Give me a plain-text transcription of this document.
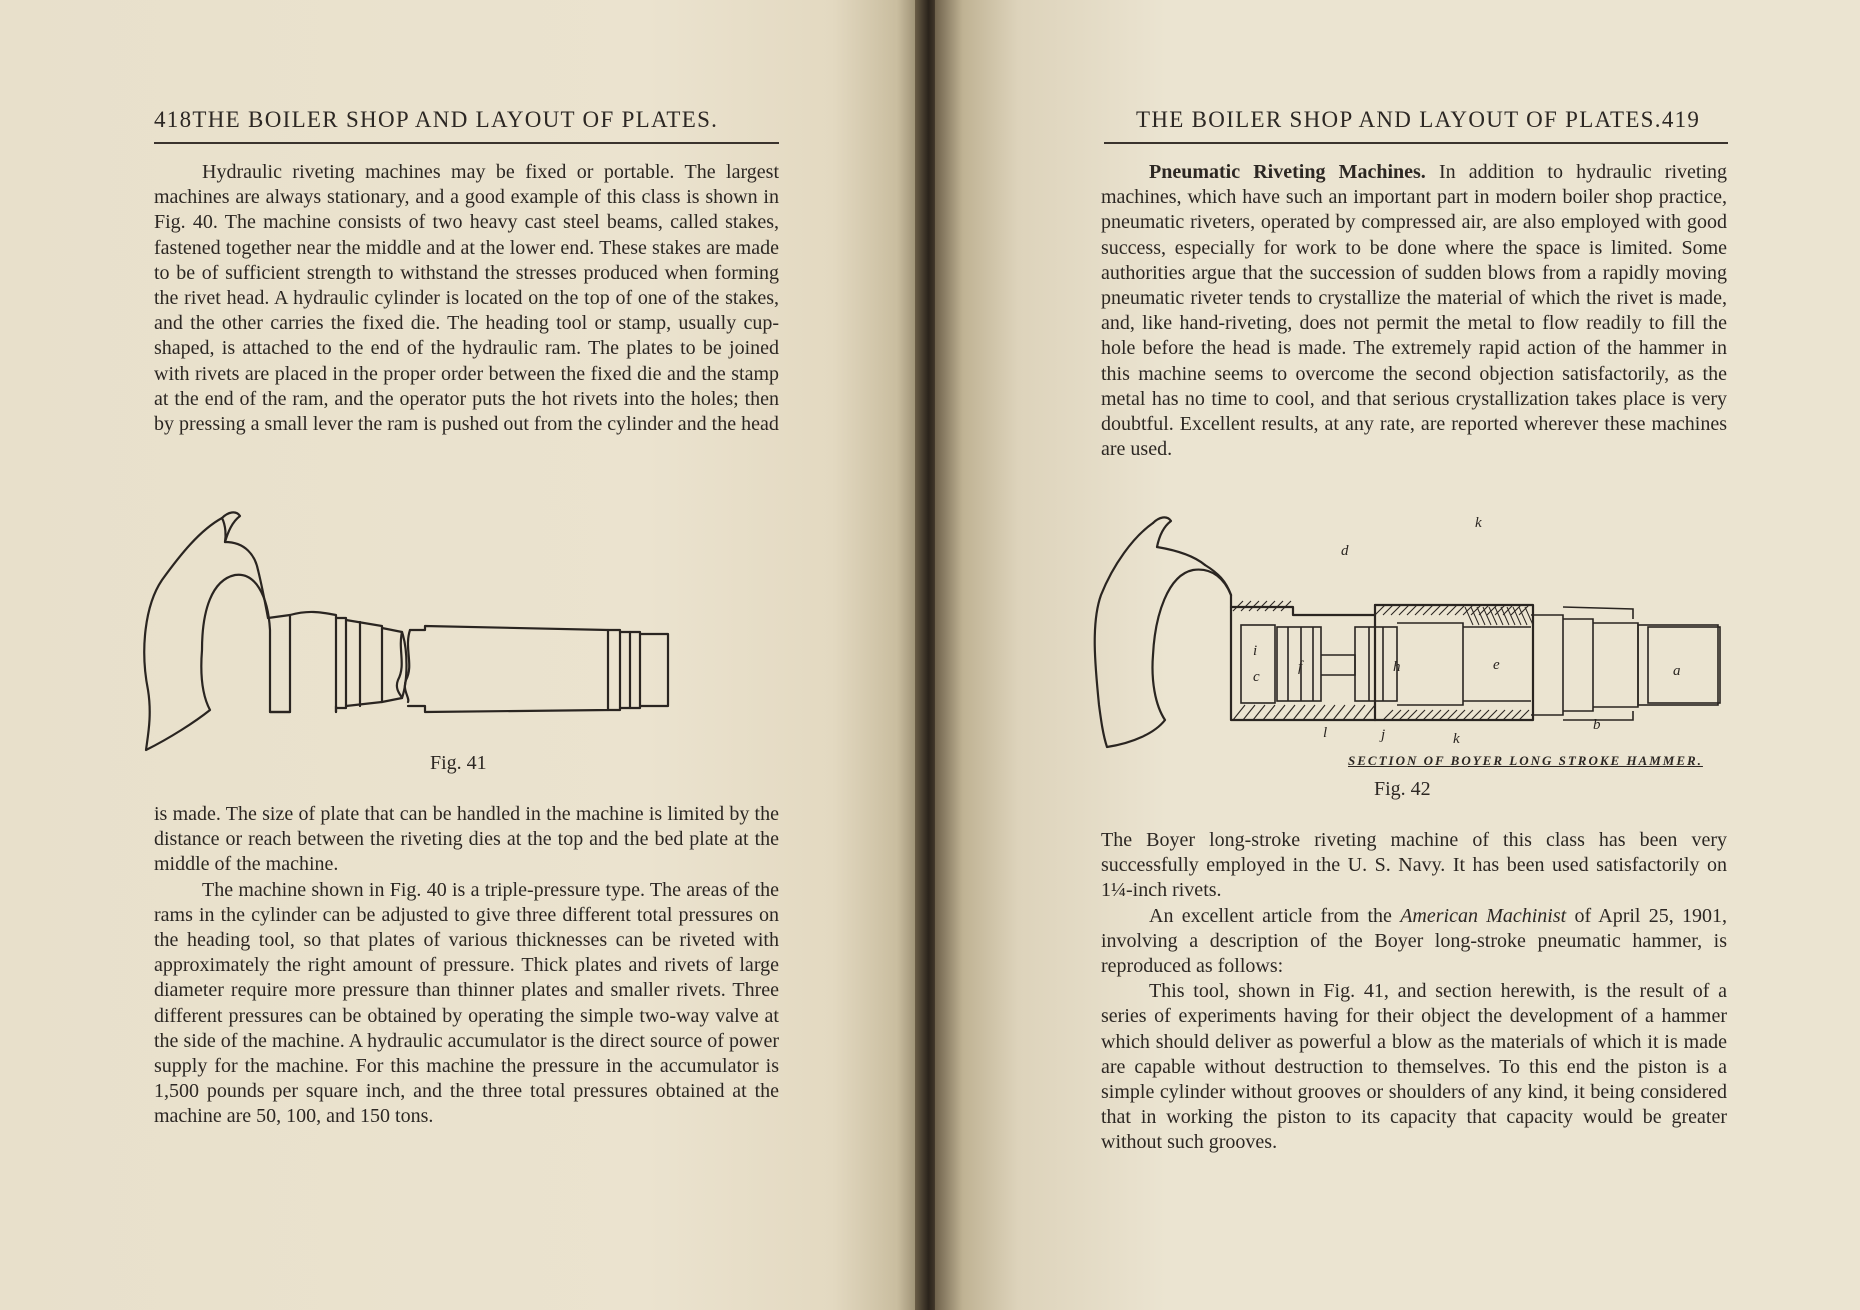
418THE BOILER SHOP AND LAYOUT OF PLATES.

Hydraulic riveting machines may be fixed or portable. The largest machines are always stationary, and a good example of this class is shown in Fig. 40. The machine consists of two heavy cast steel beams, called stakes, fastened together near the middle and at the lower end. These stakes are made to be of sufficient strength to withstand the stresses produced when forming the rivet head. A hydraulic cylinder is located on the top of one of the stakes, and the other carries the fixed die. The heading tool or stamp, usually cup-shaped, is attached to the end of the hydraulic ram. The plates to be joined with rivets are placed in the proper order between the fixed die and the stamp at the end of the ram, and the operator puts the hot rivets into the holes; then by pressing a small lever the ram is pushed out from the cylinder and the head

Fig. 41

is made. The size of plate that can be handled in the machine is limited by the distance or reach between the riveting dies at the top and the bed plate at the middle of the machine.

The machine shown in Fig. 40 is a triple-pressure type. The areas of the rams in the cylinder can be adjusted to give three different total pressures on the heading tool, so that plates of various thicknesses can be riveted with approximately the right amount of pressure. Thick plates and rivets of large diameter require more pressure than thinner plates and smaller rivets. Three different pressures can be obtained by operating the simple two-way valve at the side of the machine. A hydraulic accumulator is the direct source of power supply for the machine. For this machine the pressure in the accumulator is 1,500 pounds per square inch, and the three total pressures obtained at the machine are 50, 100, and 150 tons.

THE BOILER SHOP AND LAYOUT OF PLATES.419

Pneumatic Riveting Machines. In addition to hydraulic riveting machines, which have such an important part in modern boiler shop practice, pneumatic riveters, operated by compressed air, are also employed with good success, especially for work to be done where the space is limited. Some authorities argue that the succession of sudden blows from a rapidly moving pneumatic riveter tends to crystallize the material of which the rivet is made, and, like hand-riveting, does not permit the metal to flow readily to fill the hole before the head is made. The extremely rapid action of the hammer in this machine seems to overcome the second objection satisfactorily, as the metal has no time to cool, and that serious crystallization takes place is very doubtful. Excellent results, at any rate, are reported wherever these machines are used.

d
k
i
c
f	h	e	a
l	j	k
b
SECTION OF BOYER LONG STROKE HAMMER.
Fig. 42

The Boyer long-stroke riveting machine of this class has been very successfully employed in the U. S. Navy. It has been used satisfactorily on 1¼-inch rivets.

An excellent article from the American Machinist of April 25, 1901, involving a description of the Boyer long-stroke pneumatic hammer, is reproduced as follows:

This tool, shown in Fig. 41, and section herewith, is the result of a series of experiments having for their object the development of a hammer which should deliver as powerful a blow as the materials of which it is made are capable without destruction to themselves. To this end the piston is a simple cylinder without grooves or shoulders of any kind, it being considered that in working the piston to its capacity that capacity would be greater without such grooves.
